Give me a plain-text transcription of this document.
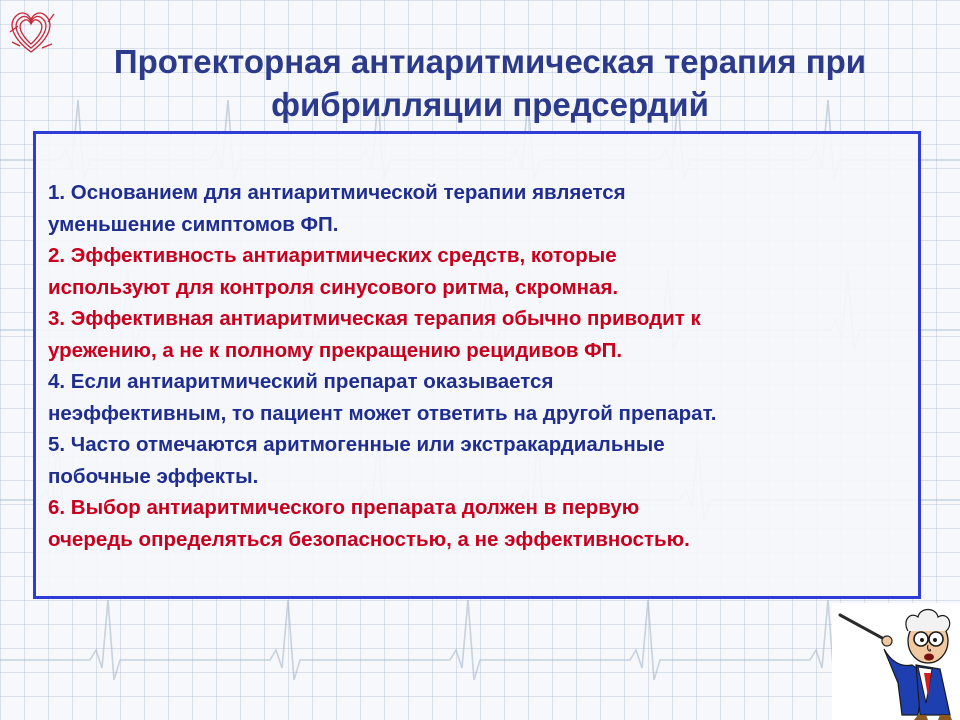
Протекторная антиаритмическая терапия при
фибрилляции предсердий

1. Основанием для антиаритмической терапии является
уменьшение симптомов ФП.

2. Эффективность антиаритмических средств, которые
используют для контроля синусового ритма, скромная.

3. Эффективная антиаритмическая терапия обычно приводит к
урежению, а не к полному прекращению рецидивов ФП.

4. Если антиаритмический препарат оказывается
неэффективным, то пациент может ответить на другой препарат.

5. Часто отмечаются аритмогенные или экстракардиальные
побочные эффекты.

6. Выбор антиаритмического препарата должен в первую
очередь определяться безопасностью, а не эффективностью.
